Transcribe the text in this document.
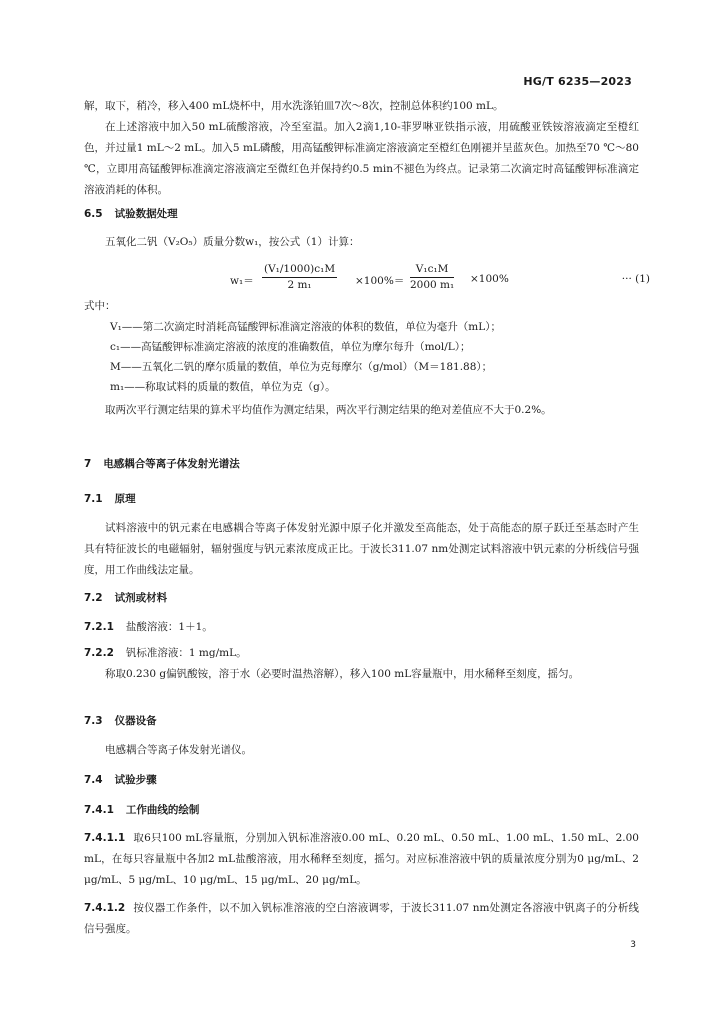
HG/T 6235—2023

解，取下，稍冷，移入400 mL烧杯中，用水洗涤铂皿7次～8次，控制总体积约100 mL。

在上述溶液中加入50 mL硫酸溶液，冷至室温。加入2滴1,10-菲罗啉亚铁指示液，用硫酸亚铁铵溶液滴定至橙红色，并过量1 mL～2 mL。加入5 mL磷酸，用高锰酸钾标准滴定溶液滴定至橙红色刚褪并呈蓝灰色。加热至70 ℃～80 ℃，立即用高锰酸钾标准滴定溶液滴定至微红色并保持约0.5 min不褪色为终点。记录第二次滴定时高锰酸钾标准滴定溶液消耗的体积。

6.5 试验数据处理

五氧化二钒（V₂O₅）质量分数w₁，按公式（1）计算：

$w_1= \frac{\text{(V₁/1000)c₁M}}{\text{2 m₁}} \times 100\%= \frac{\text{V₁c₁M}}{\text{2000 m₁}} \times 100\%$	··· (1)

式中：

V₁——第二次滴定时消耗高锰酸钾标准滴定溶液的体积的数值，单位为毫升（mL）；
c₁——高锰酸钾标准滴定溶液的浓度的准确数值，单位为摩尔每升（mol/L）；
M——五氧化二钒的摩尔质量的数值，单位为克每摩尔（g/mol）（M＝181.88）；
m₁——称取试料的质量的数值，单位为克（g）。

取两次平行测定结果的算术平均值作为测定结果，两次平行测定结果的绝对差值应不大于0.2%。

7 电感耦合等离子体发射光谱法
7.1 原理

试料溶液中的钒元素在电感耦合等离子体发射光源中原子化并激发至高能态，处于高能态的原子跃迁至基态时产生具有特征波长的电磁辐射，辐射强度与钒元素浓度成正比。于波长311.07 nm处测定试料溶液中钒元素的分析线信号强度，用工作曲线法定量。

7.2 试剂或材料

7.2.1 盐酸溶液：1＋1。

7.2.2 钒标准溶液：1 mg/mL。

称取0.230 g偏钒酸铵，溶于水（必要时温热溶解），移入100 mL容量瓶中，用水稀释至刻度，摇匀。

7.3 仪器设备

电感耦合等离子体发射光谱仪。

7.4 试验步骤
7.4.1 工作曲线的绘制

7.4.1.1 取6只100 mL容量瓶，分别加入钒标准溶液0.00 mL、0.20 mL、0.50 mL、1.00 mL、1.50 mL、2.00 mL，在每只容量瓶中各加2 mL盐酸溶液，用水稀释至刻度，摇匀。对应标准溶液中钒的质量浓度分别为0 μg/mL、2 μg/mL、5 μg/mL、10 μg/mL、15 μg/mL、20 μg/mL。

7.4.1.2 按仪器工作条件，以不加入钒标准溶液的空白溶液调零，于波长311.07 nm处测定各溶液中钒离子的分析线信号强度。

3
